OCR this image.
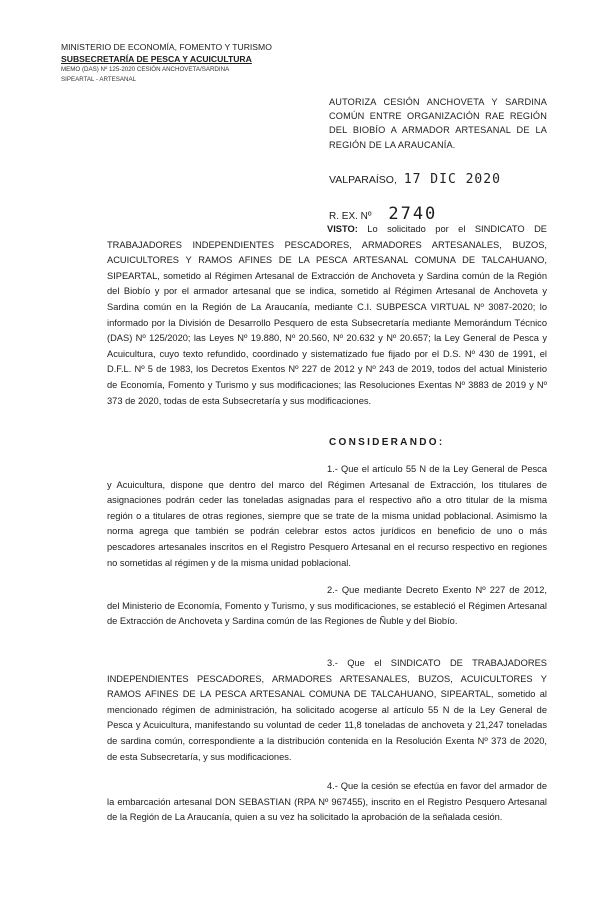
MINISTERIO DE ECONOMÍA, FOMENTO Y TURISMO
SUBSECRETARÍA DE PESCA Y ACUICULTURA
MEMO (DAS) Nº 125-2020 CESIÓN ANCHOVETA/SARDINA
SIPEARTAL - ARTESANAL
AUTORIZA CESIÓN ANCHOVETA Y SARDINA COMÚN ENTRE ORGANIZACIÓN RAE REGIÓN DEL BIOBÍO A ARMADOR ARTESANAL DE LA REGIÓN DE LA ARAUCANÍA.
VALPARAÍSO, 17 DIC 2020
R. EX. Nº 2740
VISTO: Lo solicitado por el SINDICATO DE TRABAJADORES INDEPENDIENTES PESCADORES, ARMADORES ARTESANALES, BUZOS, ACUICULTORES Y RAMOS AFINES DE LA PESCA ARTESANAL COMUNA DE TALCAHUANO, SIPEARTAL, sometido al Régimen Artesanal de Extracción de Anchoveta y Sardina común de la Región del Biobío y por el armador artesanal que se indica, sometido al Régimen Artesanal de Anchoveta y Sardina común en la Región de La Araucanía, mediante C.I. SUBPESCA VIRTUAL Nº 3087-2020; lo informado por la División de Desarrollo Pesquero de esta Subsecretaría mediante Memorándum Técnico (DAS) Nº 125/2020; las Leyes Nº 19.880, Nº 20.560, Nº 20.632 y Nº 20.657; la Ley General de Pesca y Acuicultura, cuyo texto refundido, coordinado y sistematizado fue fijado por el D.S. Nº 430 de 1991, el D.F.L. Nº 5 de 1983, los Decretos Exentos Nº 227 de 2012 y Nº 243 de 2019, todos del actual Ministerio de Economía, Fomento y Turismo y sus modificaciones; las Resoluciones Exentas Nº 3883 de 2019 y Nº 373 de 2020, todas de esta Subsecretaría y sus modificaciones.
CONSIDERANDO:
1.- Que el artículo 55 N de la Ley General de Pesca y Acuicultura, dispone que dentro del marco del Régimen Artesanal de Extracción, los titulares de asignaciones podrán ceder las toneladas asignadas para el respectivo año a otro titular de la misma región o a titulares de otras regiones, siempre que se trate de la misma unidad poblacional. Asimismo la norma agrega que también se podrán celebrar estos actos jurídicos en beneficio de uno o más pescadores artesanales inscritos en el Registro Pesquero Artesanal en el recurso respectivo en regiones no sometidas al régimen y de la misma unidad poblacional.
2.- Que mediante Decreto Exento Nº 227 de 2012, del Ministerio de Economía, Fomento y Turismo, y sus modificaciones, se estableció el Régimen Artesanal de Extracción de Anchoveta y Sardina común de las Regiones de Ñuble y del Biobío.
3.- Que el SINDICATO DE TRABAJADORES INDEPENDIENTES PESCADORES, ARMADORES ARTESANALES, BUZOS, ACUICULTORES Y RAMOS AFINES DE LA PESCA ARTESANAL COMUNA DE TALCAHUANO, SIPEARTAL, sometido al mencionado régimen de administración, ha solicitado acogerse al artículo 55 N de la Ley General de Pesca y Acuicultura, manifestando su voluntad de ceder 11,8 toneladas de anchoveta y 21,247 toneladas de sardina común, correspondiente a la distribución contenida en la Resolución Exenta Nº 373 de 2020, de esta Subsecretaría, y sus modificaciones.
4.- Que la cesión se efectúa en favor del armador de la embarcación artesanal DON SEBASTIAN (RPA Nº 967455), inscrito en el Registro Pesquero Artesanal de la Región de La Araucanía, quien a su vez ha solicitado la aprobación de la señalada cesión.
